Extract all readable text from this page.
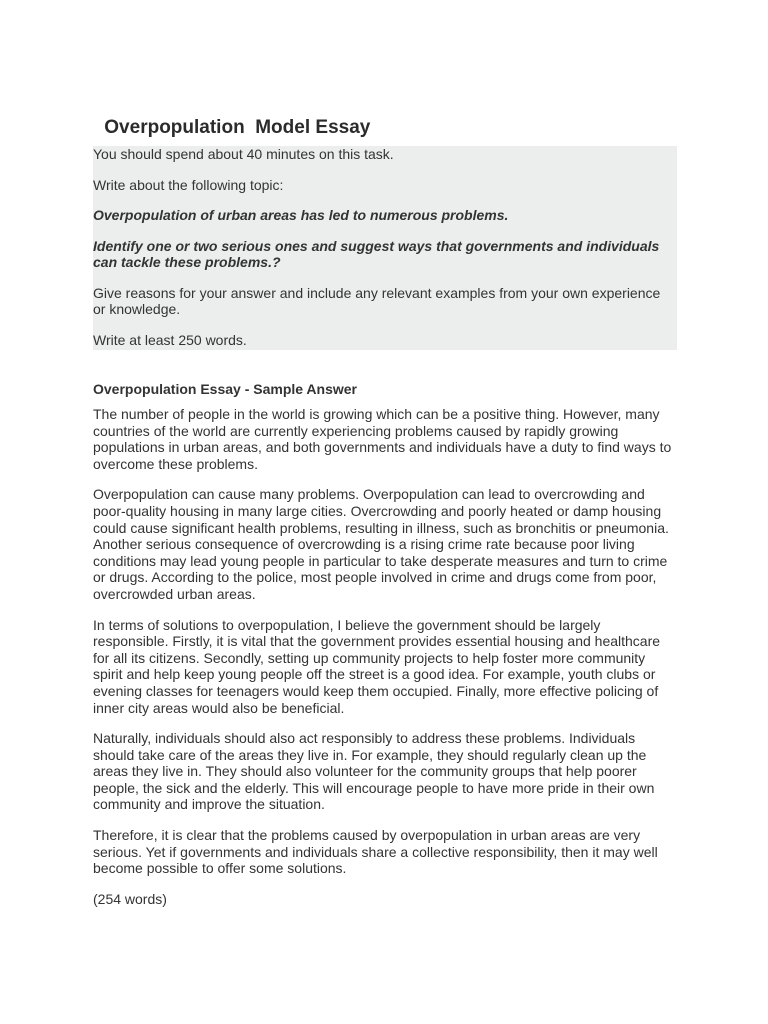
Overpopulation  Model Essay

You should spend about 40 minutes on this task.

Write about the following topic:

Overpopulation of urban areas has led to numerous problems.

Identify one or two serious ones and suggest ways that governments and individuals can tackle these problems.?

Give reasons for your answer and include any relevant examples from your own experience or knowledge.

Write at least 250 words.

Overpopulation Essay - Sample Answer

The number of people in the world is growing which can be a positive thing. However, many countries of the world are currently experiencing problems caused by rapidly growing populations in urban areas, and both governments and individuals have a duty to find ways to overcome these problems.

Overpopulation can cause many problems. Overpopulation can lead to overcrowding and poor-quality housing in many large cities. Overcrowding and poorly heated or damp housing could cause significant health problems, resulting in illness, such as bronchitis or pneumonia. Another serious consequence of overcrowding is a rising crime rate because poor living conditions may lead young people in particular to take desperate measures and turn to crime or drugs. According to the police, most people involved in crime and drugs come from poor, overcrowded urban areas.

In terms of solutions to overpopulation, I believe the government should be largely responsible. Firstly, it is vital that the government provides essential housing and healthcare for all its citizens. Secondly, setting up community projects to help foster more community spirit and help keep young people off the street is a good idea. For example, youth clubs or evening classes for teenagers would keep them occupied. Finally, more effective policing of inner city areas would also be beneficial.

Naturally, individuals should also act responsibly to address these problems. Individuals should take care of the areas they live in. For example, they should regularly clean up the areas they live in. They should also volunteer for the community groups that help poorer people, the sick and the elderly. This will encourage people to have more pride in their own community and improve the situation.

Therefore, it is clear that the problems caused by overpopulation in urban areas are very serious. Yet if governments and individuals share a collective responsibility, then it may well become possible to offer some solutions.

(254 words)
